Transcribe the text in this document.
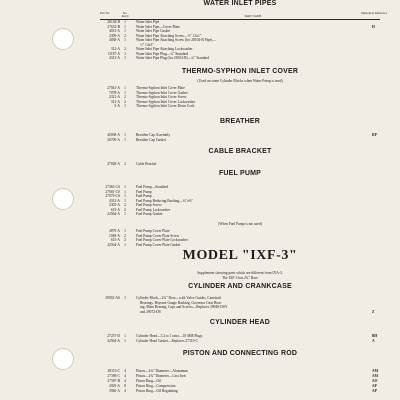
WATER INLET PIPES
Part No.	No. Req'd	PART NAME
Illustration Reference
28104-B	1	Water Inlet Pipe
27652-B	1	Water Inlet Pipe—Cover Plate	H
4031-A	1	Water Inlet Pipe Gasket
2309-A	2	Water Inlet Pipe Attaching Screw—½" 13x1"
4038-A	1	Water Inlet Pipe Attaching Screw (for 28104-B Pipe)—
½" 13x3"
312-A	2	Water Inlet Pipe Attaching Lockwasher
11187-A	1	Water Inlet Pipe Plug—¾" Standard
4313-A	1	Water Inlet Pipe Plug (for 28104-B)—¾" Standard
THERMO-SYPHON INLET COVER
(Used on some Cylinder Blocks when Water Pump is used)
27041-A	1	Thermo-Syphon Inlet Cover Plate
7078-A	1	Thermo-Syphon Inlet Cover Gasket
2321-A	2	Thermo-Syphon Inlet Cover Screw
312-A	2	Thermo-Syphon Inlet Cover Lockwasher
5-A	1	Thermo-Syphon Inlet Cover Drain Cock
BREATHER
40038-A	1	Breather Cap Assembly	RP
26709-A	1	Breather Cap Gasket
CABLE BRACKET
27028-A	2	Cable Bracket
FUEL PUMP
27463-CS	1	Fuel Pump—Standard
27681-CS	1	Fuel Pump
27079-CS	1	Fuel Pump
4313-A	1	Fuel Pump Reducing Bushing—¾"x⅜"
2303-A	2	Fuel Pump Screw
615-A	2	Fuel Pump Lockwasher
22564-A	1	Fuel Pump Gasket
(When Fuel Pump is not used)
4879-A	1	Fuel Pump Cover Plate
1049-A	2	Fuel Pump Cover Plate Screw
615-A	2	Fuel Pump Cover Plate Lockwasher
22564-A	1	Fuel Pump Cover Plate Gasket
MODEL "IXF-3"
Supplement showing parts which are different from IXA-3.
The IXF-3 has 2¾" Bore
CYLINDER AND CRANKCASE
39033-AS	1	Cylinder Block—2¾" Bore—with Valve Guides, Camshaft
Bearings, Bayonet Gauge Bushing, Governor Gear Bear-
ing, Main Bearing, Caps and Screws—Replaces 39040-DSY
and 29072-DS	Z
CYLINDER HEAD
27257-D	1	Cylinder Head—3.2 to 1 ratio—18 MM Plugs	BH
22564-A	1	Cylinder Head Gasket—Replaces 27310-C	A
PISTON AND CONNECTING ROD
28116-C	4	Piston—2¾" Diameter—Aluminum	AM
27386-C	4	Piston—2¾" Diameter—Cast Iron	AM
27387-B	4	Piston Ring—Oil	AO
2029-A	8	Piston Ring—Compression	AP
3940-A	4	Piston Ring—Oil Regulating	AP
